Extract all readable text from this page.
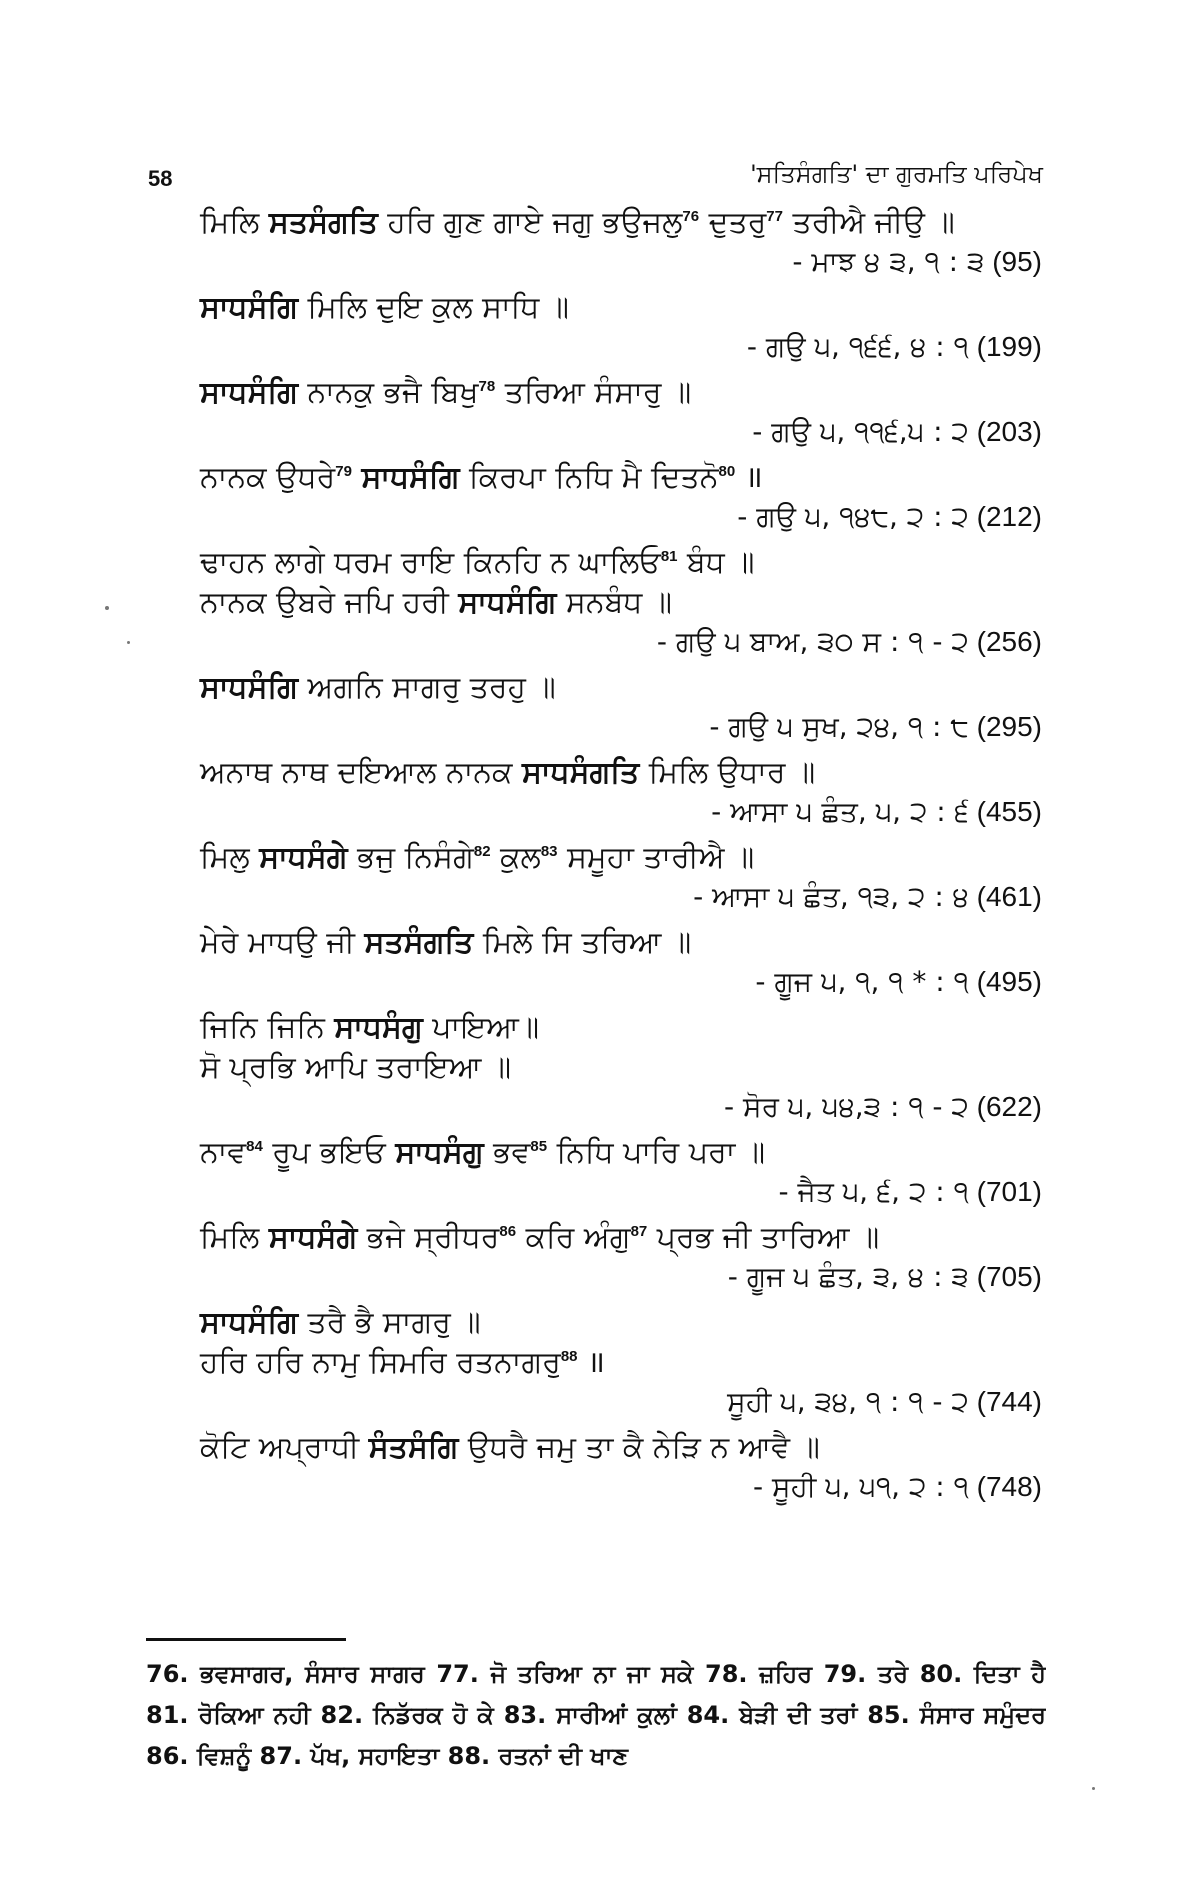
58	'ਸਤਿਸੰਗਤਿ' ਦਾ ਗੁਰਮਤਿ ਪਰਿਪੇਖ
ਮਿਲਿ ਸਤਸੰਗਤਿ ਹਰਿ ਗੁਣ ਗਾਏ ਜਗੁ ਭਉਜਲੁ$^{76}$ ਦੁਤਰੁ$^{77}$ ਤਰੀਐ ਜੀਉ ॥
- ਮਾਝ ੪ ੩, ੧ : ੩ (95)
ਸਾਧਸੰਗਿ ਮਿਲਿ ਦੁਇ ਕੁਲ ਸਾਧਿ ॥
- ਗਉ ੫, ੧੬੬, ੪ : ੧ (199)
ਸਾਧਸੰਗਿ ਨਾਨਕੁ ਭਜੈ ਬਿਖੁ$^{78}$ ਤਰਿਆ ਸੰਸਾਰੁ ॥
- ਗਉ ੫, ੧੧੬,੫ : ੨ (203)
ਨਾਨਕ ਉਧਰੇ$^{79}$ ਸਾਧਸੰਗਿ ਕਿਰਪਾ ਨਿਧਿ ਮੈ ਦਿਤਨੋ$^{80}$ ॥
- ਗਉ ੫, ੧੪੮, ੨ : ੨ (212)
ਢਾਹਨ ਲਾਗੇ ਧਰਮ ਰਾਇ ਕਿਨਹਿ ਨ ਘਾਲਿਓ$^{81}$ ਬੰਧ ॥
ਨਾਨਕ ਉਬਰੇ ਜਪਿ ਹਰੀ ਸਾਧਸੰਗਿ ਸਨਬੰਧ ॥
- ਗਉ ੫ ਬਾਅ, ੩੦ ਸ : ੧ - ੨ (256)
ਸਾਧਸੰਗਿ ਅਗਨਿ ਸਾਗਰੁ ਤਰਹੁ ॥
- ਗਉ ੫ ਸੁਖ, ੨੪, ੧ : ੮ (295)
ਅਨਾਥ ਨਾਥ ਦਇਆਲ ਨਾਨਕ ਸਾਧਸੰਗਤਿ ਮਿਲਿ ਉਧਾਰ ॥
- ਆਸਾ ੫ ਛੰਤ, ੫, ੨ : ੬ (455)
ਮਿਲੁ ਸਾਧਸੰਗੇ ਭਜੁ ਨਿਸੰਗੇ$^{82}$ ਕੁਲ$^{83}$ ਸਮੂਹਾ ਤਾਰੀਐ ॥
- ਆਸਾ ੫ ਛੰਤ, ੧੩, ੨ : ੪ (461)
ਮੇਰੇ ਮਾਧਉ ਜੀ ਸਤਸੰਗਤਿ ਮਿਲੇ ਸਿ ਤਰਿਆ ॥
- ਗੂਜ ੫, ੧, ੧ * : ੧ (495)
ਜਿਨਿ ਜਿਨਿ ਸਾਧਸੰਗੁ ਪਾਇਆ॥
ਸੋ ਪ੍ਰਭਿ ਆਪਿ ਤਰਾਇਆ ॥
- ਸੋਰ ੫, ੫੪,੩ : ੧ - ੨ (622)
ਨਾਵ$^{84}$ ਰੂਪ ਭਇਓ ਸਾਧਸੰਗੁ ਭਵ$^{85}$ ਨਿਧਿ ਪਾਰਿ ਪਰਾ ॥
- ਜੈਤ ੫, ੬, ੨ : ੧ (701)
ਮਿਲਿ ਸਾਧਸੰਗੇ ਭਜੇ ਸ੍ਰੀਧਰ$^{86}$ ਕਰਿ ਅੰਗੁ$^{87}$ ਪ੍ਰਭ ਜੀ ਤਾਰਿਆ ॥
- ਗੂਜ ੫ ਛੰਤ, ੩, ੪ : ੩ (705)
ਸਾਧਸੰਗਿ ਤਰੈ ਭੈ ਸਾਗਰੁ ॥
ਹਰਿ ਹਰਿ ਨਾਮੁ ਸਿਮਰਿ ਰਤਨਾਗਰੁ$^{88}$ ॥
ਸੂਹੀ ੫, ੩੪, ੧ : ੧ - ੨ (744)
ਕੋਟਿ ਅਪ੍ਰਾਧੀ ਸੰਤਸੰਗਿ ਉਧਰੈ ਜਮੁ ਤਾ ਕੈ ਨੇੜਿ ਨ ਆਵੈ ॥
- ਸੂਹੀ ੫, ੫੧, ੨ : ੧ (748)
76. ਭਵਸਾਗਰ, ਸੰਸਾਰ ਸਾਗਰ 77. ਜੋ ਤਰਿਆ ਨਾ ਜਾ ਸਕੇ 78. ਜ਼ਹਿਰ 79. ਤਰੇ 80. ਦਿਤਾ ਹੈ
81. ਰੋਕਿਆ ਨਹੀ 82. ਨਿਡੱਰਕ ਹੋ ਕੇ 83. ਸਾਰੀਆਂ ਕੁਲਾਂ 84. ਬੇੜੀ ਦੀ ਤਰਾਂ 85. ਸੰਸਾਰ ਸਮੁੰਦਰ
86. ਵਿਸ਼ਨੂੰ 87. ਪੱਖ, ਸਹਾਇਤਾ 88. ਰਤਨਾਂ ਦੀ ਖਾਣ
